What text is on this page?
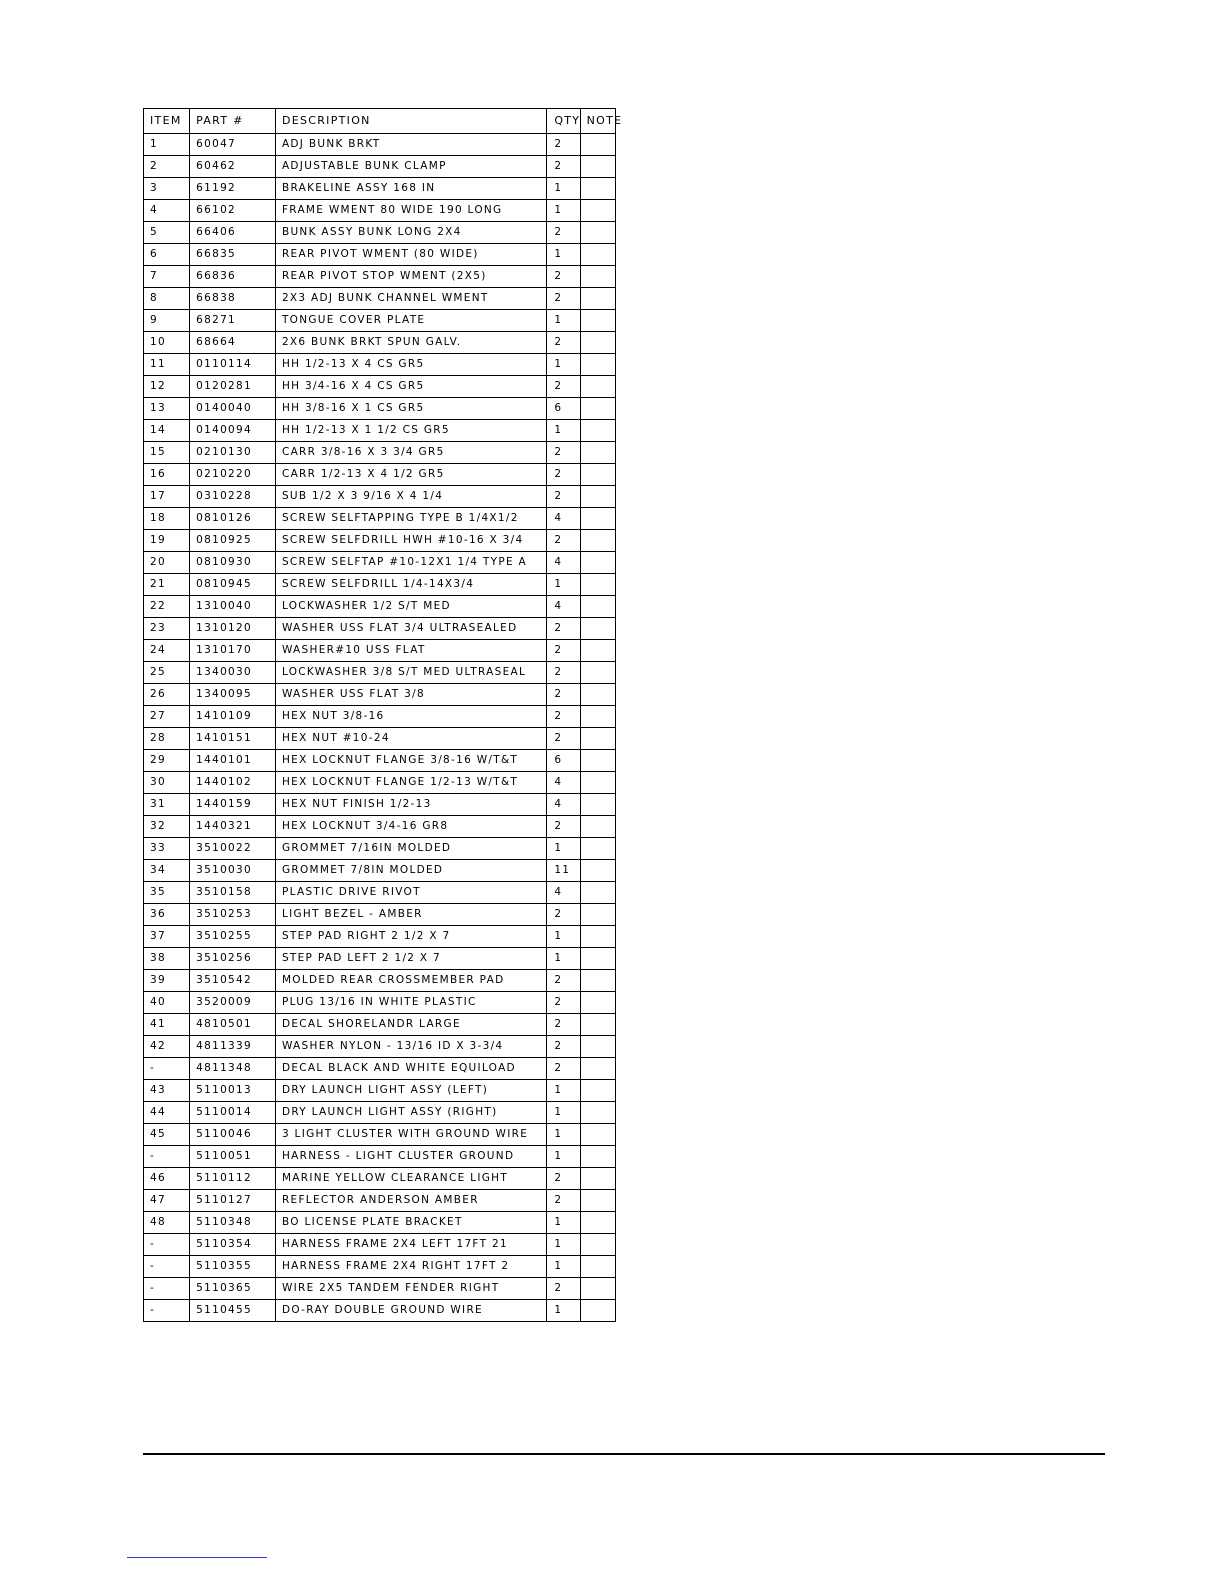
ITEM	PART #	DESCRIPTION	QTY	NOTE
1	60047	ADJ BUNK BRKT	2	
2	60462	ADJUSTABLE BUNK CLAMP	2	
3	61192	BRAKELINE ASSY 168 IN	1	
4	66102	FRAME WMENT 80 WIDE 190 LONG	1	
5	66406	BUNK ASSY BUNK LONG 2X4	2	
6	66835	REAR PIVOT WMENT (80 WIDE)	1	
7	66836	REAR PIVOT STOP WMENT (2X5)	2	
8	66838	2X3 ADJ BUNK CHANNEL WMENT	2	
9	68271	TONGUE COVER PLATE	1	
10	68664	2X6 BUNK BRKT SPUN GALV.	2	
11	0110114	HH 1/2-13 X 4 CS GR5	1	
12	0120281	HH 3/4-16 X 4 CS GR5	2	
13	0140040	HH 3/8-16 X 1 CS GR5	6	
14	0140094	HH 1/2-13 X 1 1/2 CS GR5	1	
15	0210130	CARR 3/8-16 X 3 3/4 GR5	2	
16	0210220	CARR 1/2-13 X 4 1/2 GR5	2	
17	0310228	SUB 1/2 X 3 9/16 X 4 1/4	2	
18	0810126	SCREW SELFTAPPING TYPE B 1/4X1/2	4	
19	0810925	SCREW SELFDRILL HWH #10-16 X 3/4	2	
20	0810930	SCREW SELFTAP #10-12X1 1/4 TYPE A	4	
21	0810945	SCREW SELFDRILL 1/4-14X3/4	1	
22	1310040	LOCKWASHER 1/2 S/T MED	4	
23	1310120	WASHER USS FLAT 3/4 ULTRASEALED	2	
24	1310170	WASHER#10 USS FLAT	2	
25	1340030	LOCKWASHER 3/8 S/T MED ULTRASEAL	2	
26	1340095	WASHER USS FLAT 3/8	2	
27	1410109	HEX NUT 3/8-16	2	
28	1410151	HEX NUT #10-24	2	
29	1440101	HEX LOCKNUT FLANGE 3/8-16 W/T&T	6	
30	1440102	HEX LOCKNUT FLANGE 1/2-13 W/T&T	4	
31	1440159	HEX NUT FINISH 1/2-13	4	
32	1440321	HEX LOCKNUT 3/4-16 GR8	2	
33	3510022	GROMMET 7/16IN MOLDED	1	
34	3510030	GROMMET 7/8IN MOLDED	11	
35	3510158	PLASTIC DRIVE RIVOT	4	
36	3510253	LIGHT BEZEL - AMBER	2	
37	3510255	STEP PAD RIGHT 2 1/2 X 7	1	
38	3510256	STEP PAD LEFT 2 1/2 X 7	1	
39	3510542	MOLDED REAR CROSSMEMBER PAD	2	
40	3520009	PLUG 13/16 IN WHITE PLASTIC	2	
41	4810501	DECAL SHORELANDR LARGE	2	
42	4811339	WASHER NYLON - 13/16 ID X 3-3/4	2	
-	4811348	DECAL BLACK AND WHITE EQUILOAD	2	
43	5110013	DRY LAUNCH LIGHT ASSY (LEFT)	1	
44	5110014	DRY LAUNCH LIGHT ASSY (RIGHT)	1	
45	5110046	3 LIGHT CLUSTER WITH GROUND WIRE	1	
-	5110051	HARNESS - LIGHT CLUSTER GROUND	1	
46	5110112	MARINE YELLOW CLEARANCE LIGHT	2	
47	5110127	REFLECTOR ANDERSON AMBER	2	
48	5110348	BO LICENSE PLATE BRACKET	1	
-	5110354	HARNESS FRAME 2X4 LEFT 17FT 21	1	
-	5110355	HARNESS FRAME 2X4 RIGHT 17FT 2	1	
-	5110365	WIRE 2X5 TANDEM FENDER RIGHT	2	
-	5110455	DO-RAY DOUBLE GROUND WIRE	1	
